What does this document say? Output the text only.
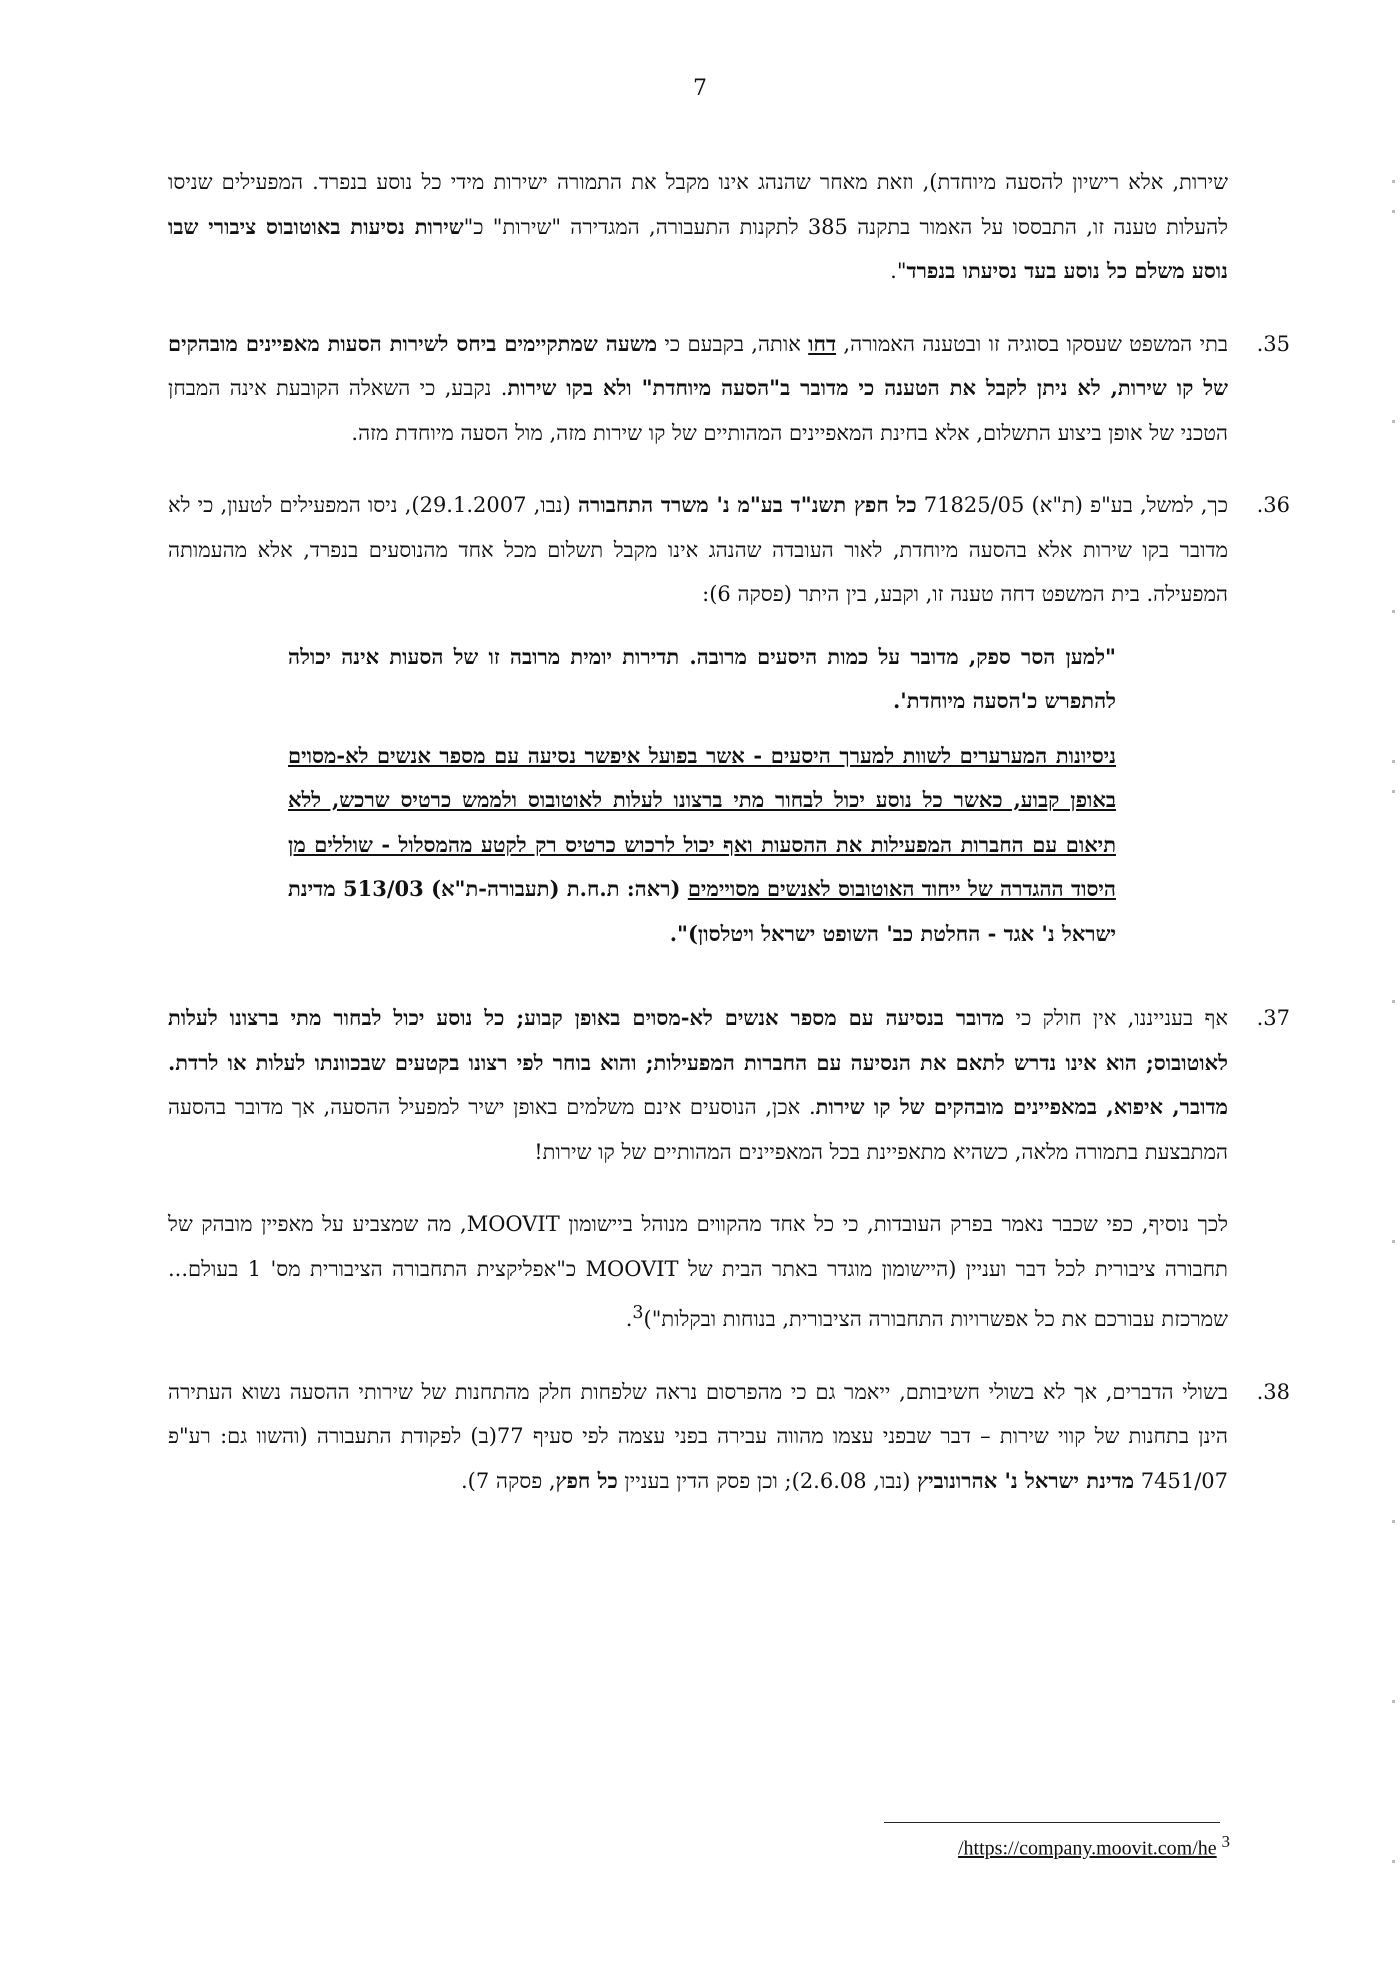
7
שירות, אלא רישיון להסעה מיוחדת), וזאת מאחר שהנהג אינו מקבל את התמורה ישירות מידי כל נוסע בנפרד. המפעילים שניסו להעלות טענה זו, התבססו על האמור בתקנה 385 לתקנות התעבורה, המגדירה "שירות" כ"שירות נסיעות באוטובוס ציבורי שבו נוסע משלם כל נוסע בעד נסיעתו בנפרד".
.35
בתי המשפט שעסקו בסוגיה זו ובטענה האמורה, דחו אותה, בקבעם כי משעה שמתקיימים ביחס לשירות הסעות מאפיינים מובהקים של קו שירות, לא ניתן לקבל את הטענה כי מדובר ב"הסעה מיוחדת" ולא בקו שירות. נקבע, כי השאלה הקובעת אינה המבחן הטכני של אופן ביצוע התשלום, אלא בחינת המאפיינים המהותיים של קו שירות מזה, מול הסעה מיוחדת מזה.
.36
כך, למשל, בע"פ (ת"א) 71825/05 כל חפץ תשנ"ד בע"מ נ' משרד התחבורה (נבו, 29.1.2007), ניסו המפעילים לטעון, כי לא מדובר בקו שירות אלא בהסעה מיוחדת, לאור העובדה שהנהג אינו מקבל תשלום מכל אחד מהנוסעים בנפרד, אלא מהעמותה המפעילה. בית המשפט דחה טענה זו, וקבע, בין היתר (פסקה 6):
"למען הסר ספק, מדובר על כמות היסעים מרובה. תדירות יומית מרובה זו של הסעות אינה יכולה להתפרש כ'הסעה מיוחדת'.
ניסיונות המערערים לשוות למערך היסעים - אשר בפועל איפשר נסיעה עם מספר אנשים לא-מסוים באופן קבוע, כאשר כל נוסע יכול לבחור מתי ברצונו לעלות לאוטובוס ולממש כרטיס שרכש, ללא תיאום עם החברות המפעילות את ההסעות ואף יכול לרכוש כרטיס רק לקטע מהמסלול - שוללים מן היסוד ההגדרה של ייחוד האוטובוס לאנשים מסויימים (ראה: ת.ח.ת (תעבורה-ת"א) 513/03 מדינת ישראל נ' אגד - החלטת כב' השופט ישראל ויטלסון)".
.37
אף בענייננו, אין חולק כי מדובר בנסיעה עם מספר אנשים לא-מסוים באופן קבוע; כל נוסע יכול לבחור מתי ברצונו לעלות לאוטובוס; הוא אינו נדרש לתאם את הנסיעה עם החברות המפעילות; והוא בוחר לפי רצונו בקטעים שבכוונתו לעלות או לרדת. מדובר, איפוא, במאפיינים מובהקים של קו שירות. אכן, הנוסעים אינם משלמים באופן ישיר למפעיל ההסעה, אך מדובר בהסעה המתבצעת בתמורה מלאה, כשהיא מתאפיינת בכל המאפיינים המהותיים של קו שירות!
לכך נוסיף, כפי שכבר נאמר בפרק העובדות, כי כל אחד מהקווים מנוהל ביישומון MOOVIT, מה שמצביע על מאפיין מובהק של תחבורה ציבורית לכל דבר ועניין (היישומון מוגדר באתר הבית של MOOVIT כ"אפליקצית התחבורה הציבורית מס' 1 בעולם... שמרכזת עבורכם את כל אפשרויות התחבורה הציבורית, בנוחות ובקלות")$^3$.
.38
בשולי הדברים, אך לא בשולי חשיבותם, ייאמר גם כי מהפרסום נראה שלפחות חלק מהתחנות של שירותי ההסעה נשוא העתירה הינן בתחנות של קווי שירות – דבר שבפני עצמו מהווה עבירה בפני עצמה לפי סעיף 77(ב) לפקודת התעבורה (והשוו גם: רע"פ 7451/07 מדינת ישראל נ' אהרונוביץ (נבו, 2.6.08); וכן פסק הדין בעניין כל חפץ, פסקה 7).
$^3$ https://company.moovit.com/he/
